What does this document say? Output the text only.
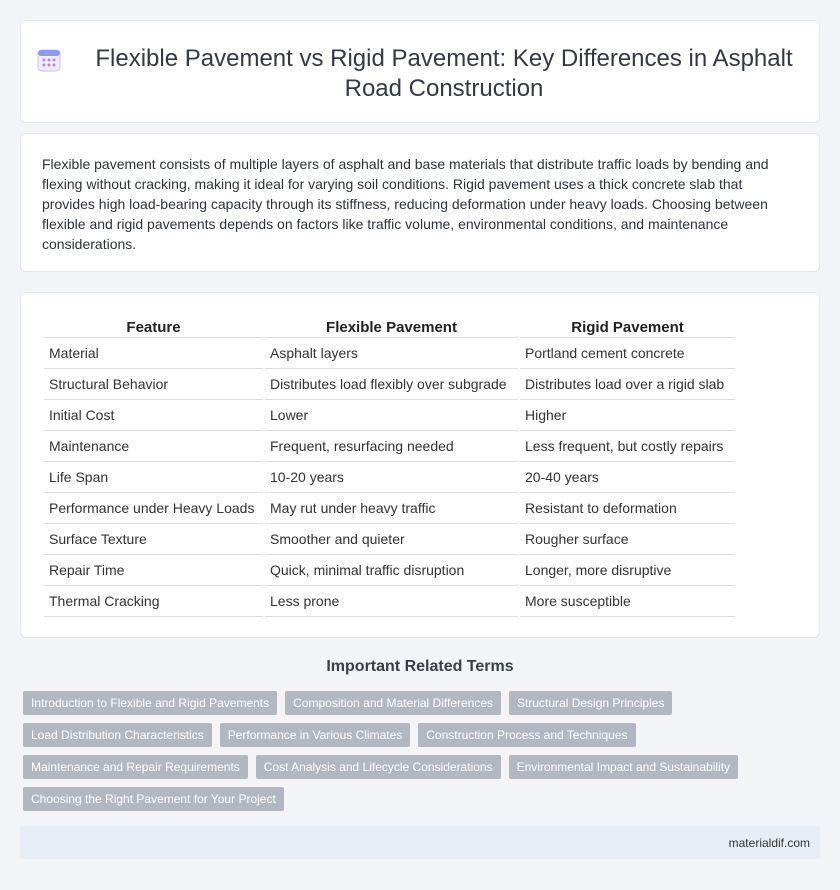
Flexible Pavement vs Rigid Pavement: Key Differences in Asphalt Road Construction

Flexible pavement consists of multiple layers of asphalt and base materials that distribute traffic loads by bending and flexing without cracking, making it ideal for varying soil conditions. Rigid pavement uses a thick concrete slab that provides high load-bearing capacity through its stiffness, reducing deformation under heavy loads. Choosing between flexible and rigid pavements depends on factors like traffic volume, environmental conditions, and maintenance considerations.

Feature	Flexible Pavement	Rigid Pavement
Material	Asphalt layers	Portland cement concrete
Structural Behavior	Distributes load flexibly over subgrade	Distributes load over a rigid slab
Initial Cost	Lower	Higher
Maintenance	Frequent, resurfacing needed	Less frequent, but costly repairs
Life Span	10-20 years	20-40 years
Performance under Heavy Loads	May rut under heavy traffic	Resistant to deformation
Surface Texture	Smoother and quieter	Rougher surface
Repair Time	Quick, minimal traffic disruption	Longer, more disruptive
Thermal Cracking	Less prone	More susceptible
Important Related Terms
Introduction to Flexible and Rigid Pavements	Composition and Material Differences	Structural Design Principles
Load Distribution Characteristics	Performance in Various Climates	Construction Process and Techniques
Maintenance and Repair Requirements	Cost Analysis and Lifecycle Considerations	Environmental Impact and Sustainability
Choosing the Right Pavement for Your Project
materialdif.com
